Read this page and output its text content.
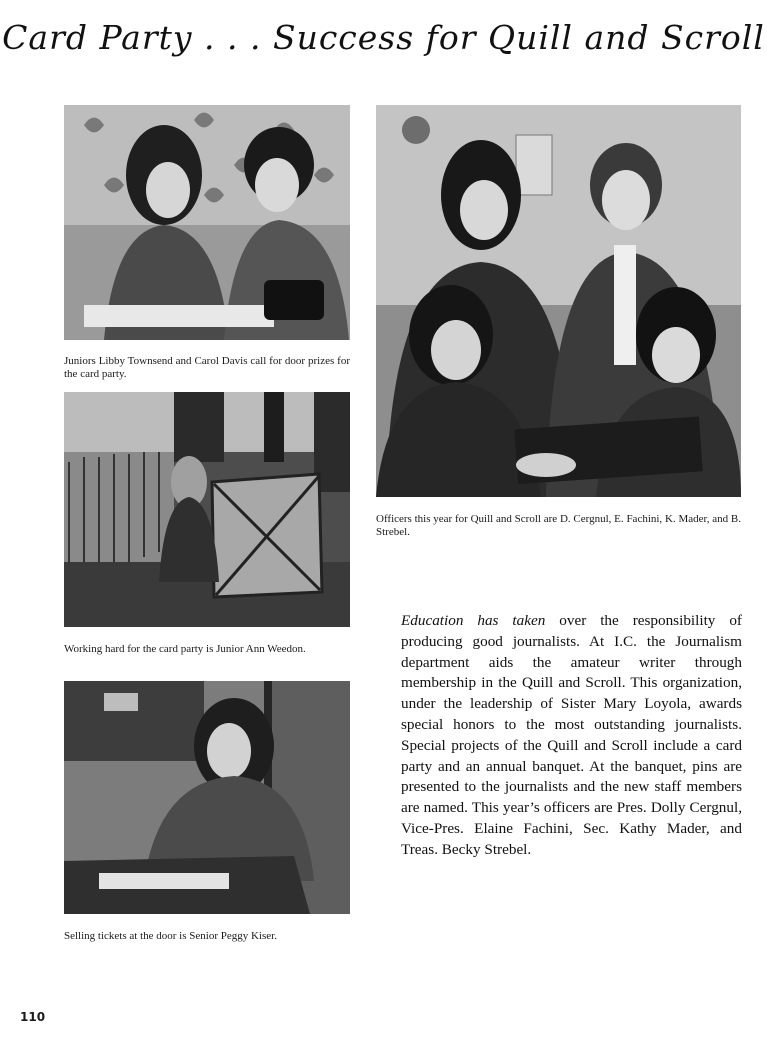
Card Party . . . Success for Quill and Scroll
Juniors Libby Townsend and Carol Davis call for door prizes for the card party.
Officers this year for Quill and Scroll are D. Cergnul, E. Fachini, K. Mader, and B. Strebel.
Working hard for the card party is Junior Ann Weedon.
Selling tickets at the door is Senior Peggy Kiser.
Education has taken over the responsibility of producing good journalists. At I.C. the Journalism department aids the amateur writer through membership in the Quill and Scroll. This organization, under the leadership of Sister Mary Loyola, awards special honors to the most outstanding journalists. Special projects of the Quill and Scroll include a card party and an annual banquet. At the banquet, pins are presented to the journalists and the new staff members are named. This year’s officers are Pres. Dolly Cergnul, Vice-Pres. Elaine Fachini, Sec. Kathy Mader, and Treas. Becky Strebel.
110
